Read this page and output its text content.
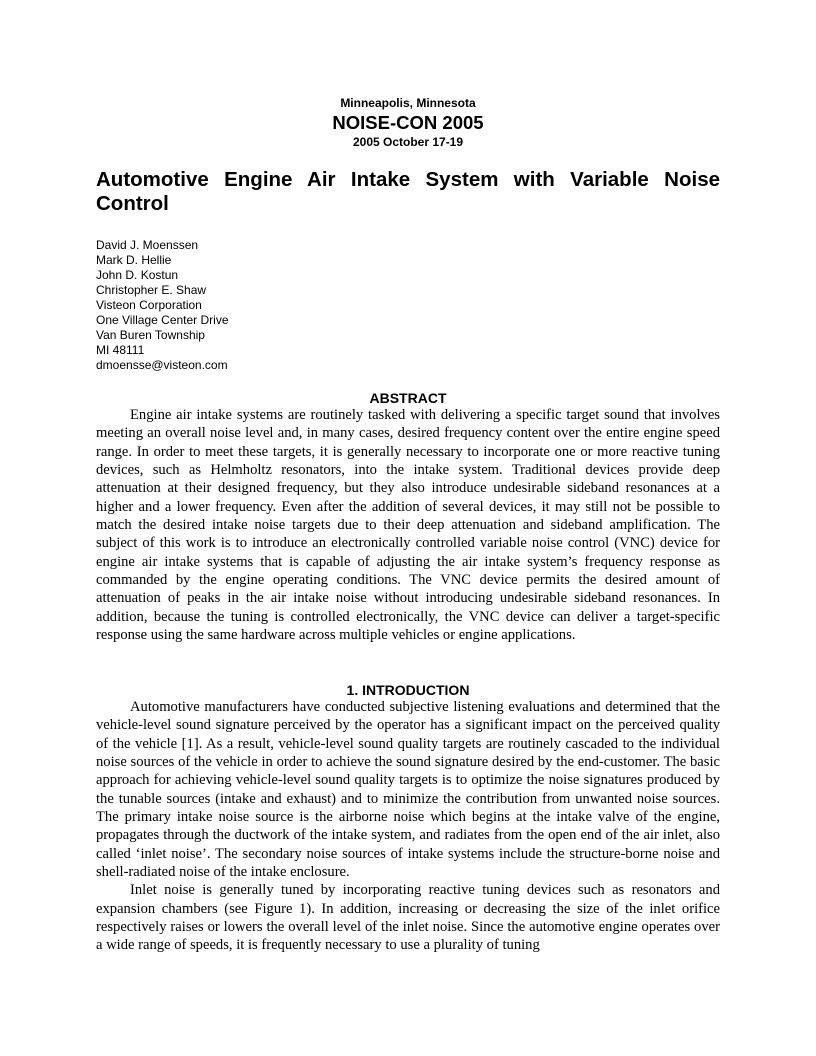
Minneapolis, Minnesota
NOISE-CON 2005
2005 October 17-19
Automotive Engine Air Intake System with Variable Noise Control
David J. Moenssen
Mark D. Hellie
John D. Kostun
Christopher E. Shaw
Visteon Corporation
One Village Center Drive
Van Buren Township
MI 48111
dmoensse@visteon.com
ABSTRACT

Engine air intake systems are routinely tasked with delivering a specific target sound that involves meeting an overall noise level and, in many cases, desired frequency content over the entire engine speed range. In order to meet these targets, it is generally necessary to incorporate one or more reactive tuning devices, such as Helmholtz resonators, into the intake system. Traditional devices provide deep attenuation at their designed frequency, but they also introduce undesirable sideband resonances at a higher and a lower frequency. Even after the addition of several devices, it may still not be possible to match the desired intake noise targets due to their deep attenuation and sideband amplification. The subject of this work is to introduce an electronically controlled variable noise control (VNC) device for engine air intake systems that is capable of adjusting the air intake system’s frequency response as commanded by the engine operating conditions. The VNC device permits the desired amount of attenuation of peaks in the air intake noise without introducing undesirable sideband resonances. In addition, because the tuning is controlled electronically, the VNC device can deliver a target-specific response using the same hardware across multiple vehicles or engine applications.

1. INTRODUCTION

Automotive manufacturers have conducted subjective listening evaluations and determined that the vehicle-level sound signature perceived by the operator has a significant impact on the perceived quality of the vehicle [1]. As a result, vehicle-level sound quality targets are routinely cascaded to the individual noise sources of the vehicle in order to achieve the sound signature desired by the end-customer. The basic approach for achieving vehicle-level sound quality targets is to optimize the noise signatures produced by the tunable sources (intake and exhaust) and to minimize the contribution from unwanted noise sources. The primary intake noise source is the airborne noise which begins at the intake valve of the engine, propagates through the ductwork of the intake system, and radiates from the open end of the air inlet, also called ‘inlet noise’. The secondary noise sources of intake systems include the structure-borne noise and shell-radiated noise of the intake enclosure.

Inlet noise is generally tuned by incorporating reactive tuning devices such as resonators and expansion chambers (see Figure 1). In addition, increasing or decreasing the size of the inlet orifice respectively raises or lowers the overall level of the inlet noise. Since the automotive engine operates over a wide range of speeds, it is frequently necessary to use a plurality of tuning
